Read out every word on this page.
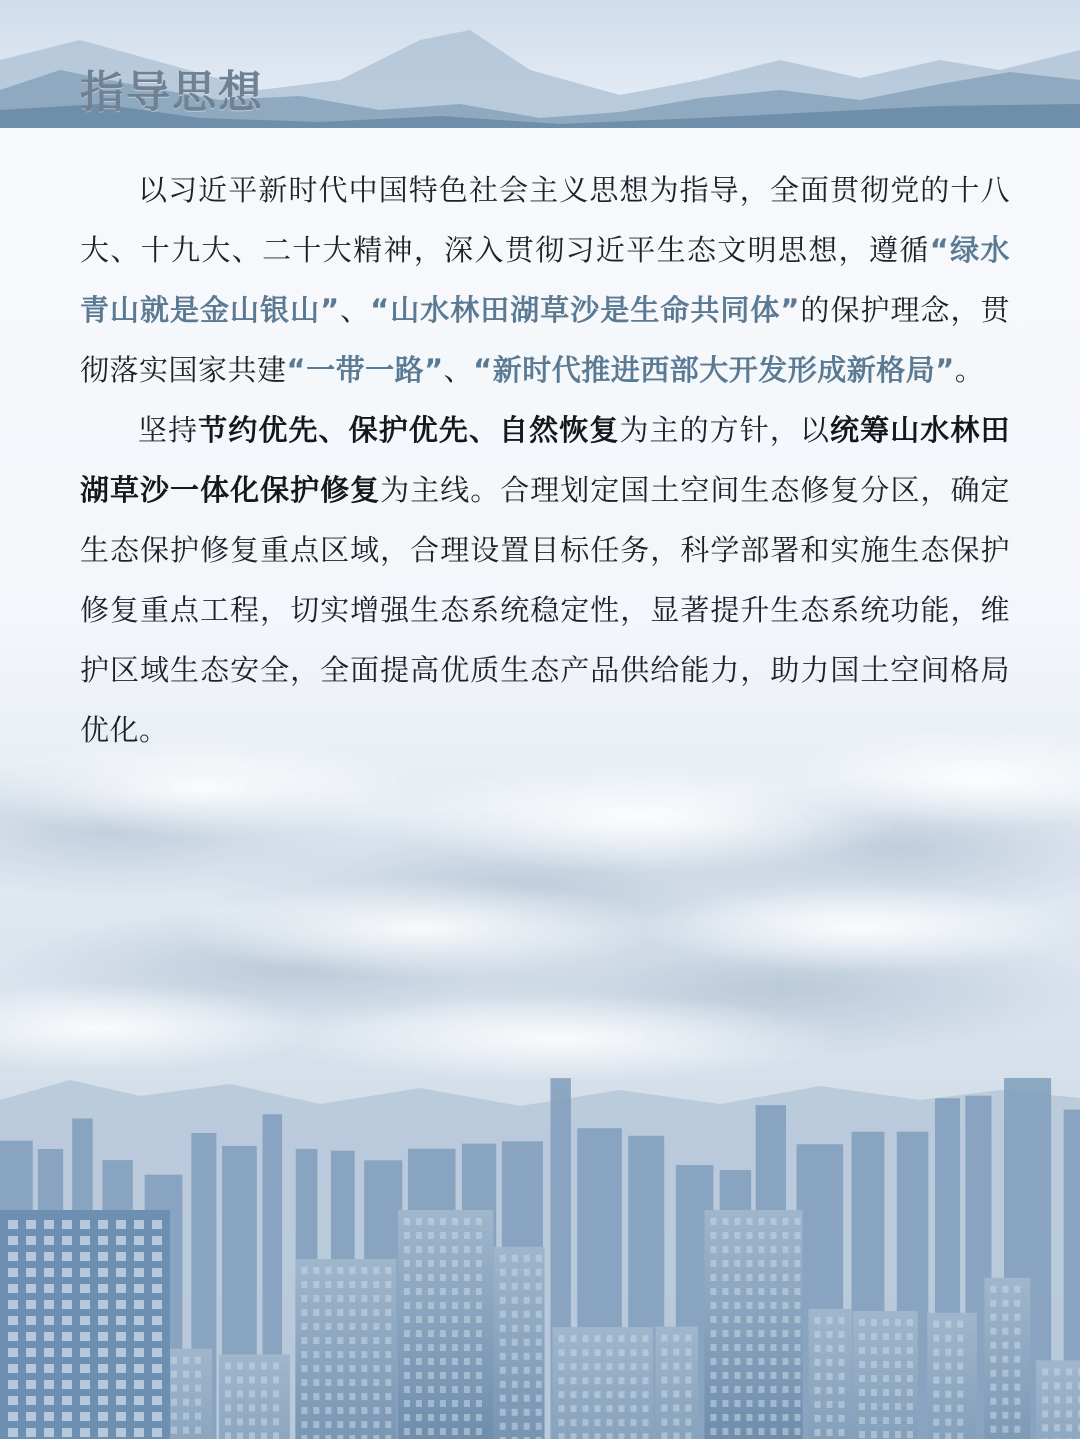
指导思想

以习近平新时代中国特色社会主义思想为指导，全面贯彻党的十八大、十九大、二十大精神，深入贯彻习近平生态文明思想，遵循“绿水青山就是金山银山”、“山水林田湖草沙是生命共同体”的保护理念，贯彻落实国家共建“一带一路”、“新时代推进西部大开发形成新格局”。

坚持节约优先、保护优先、自然恢复为主的方针，以统筹山水林田湖草沙一体化保护修复为主线。合理划定国土空间生态修复分区，确定生态保护修复重点区域，合理设置目标任务，科学部署和实施生态保护修复重点工程，切实增强生态系统稳定性，显著提升生态系统功能，维护区域生态安全，全面提高优质生态产品供给能力，助力国土空间格局优化。
